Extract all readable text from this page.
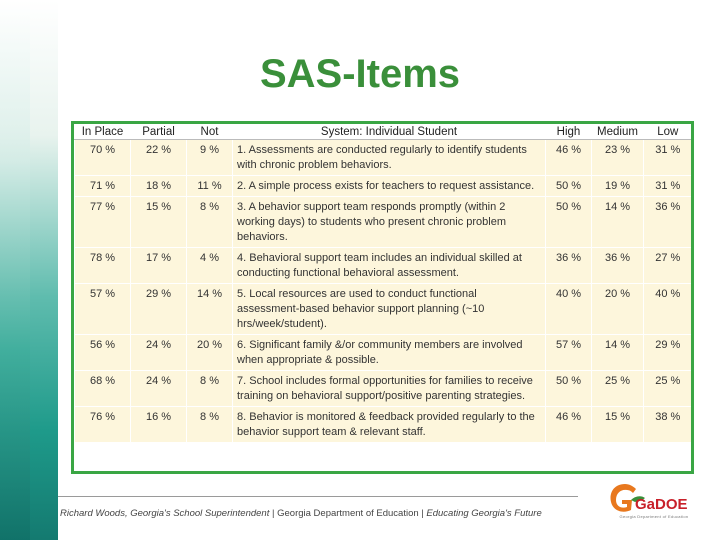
SAS-Items
In Place	Partial	Not	System: Individual Student	High	Medium	Low
70 %	22 %	9 %	1. Assessments are conducted regularly to identify students with chronic problem behaviors.	46 %	23 %	31 %
71 %	18 %	11 %	2. A simple process exists for teachers to request assistance.	50 %	19 %	31 %
77 %	15 %	8 %	3. A behavior support team responds promptly (within 2 working days) to students who present chronic problem behaviors.	50 %	14 %	36 %
78 %	17 %	4 %	4. Behavioral support team includes an individual skilled at conducting functional behavioral assessment.	36 %	36 %	27 %
57 %	29 %	14 %	5. Local resources are used to conduct functional assessment-based behavior support planning (~10 hrs/week/student).	40 %	20 %	40 %
56 %	24 %	20 %	6. Significant family &/or community members are involved when appropriate & possible.	57 %	14 %	29 %
68 %	24 %	8 %	7. School includes formal opportunities for families to receive training on behavioral support/positive parenting strategies.	50 %	25 %	25 %
76 %	16 %	8 %	8. Behavior is monitored & feedback provided regularly to the behavior support team & relevant staff.	46 %	15 %	38 %
Richard Woods, Georgia's School Superintendent | Georgia Department of Education | Educating Georgia's Future
GaDOE
Georgia Department of Education
